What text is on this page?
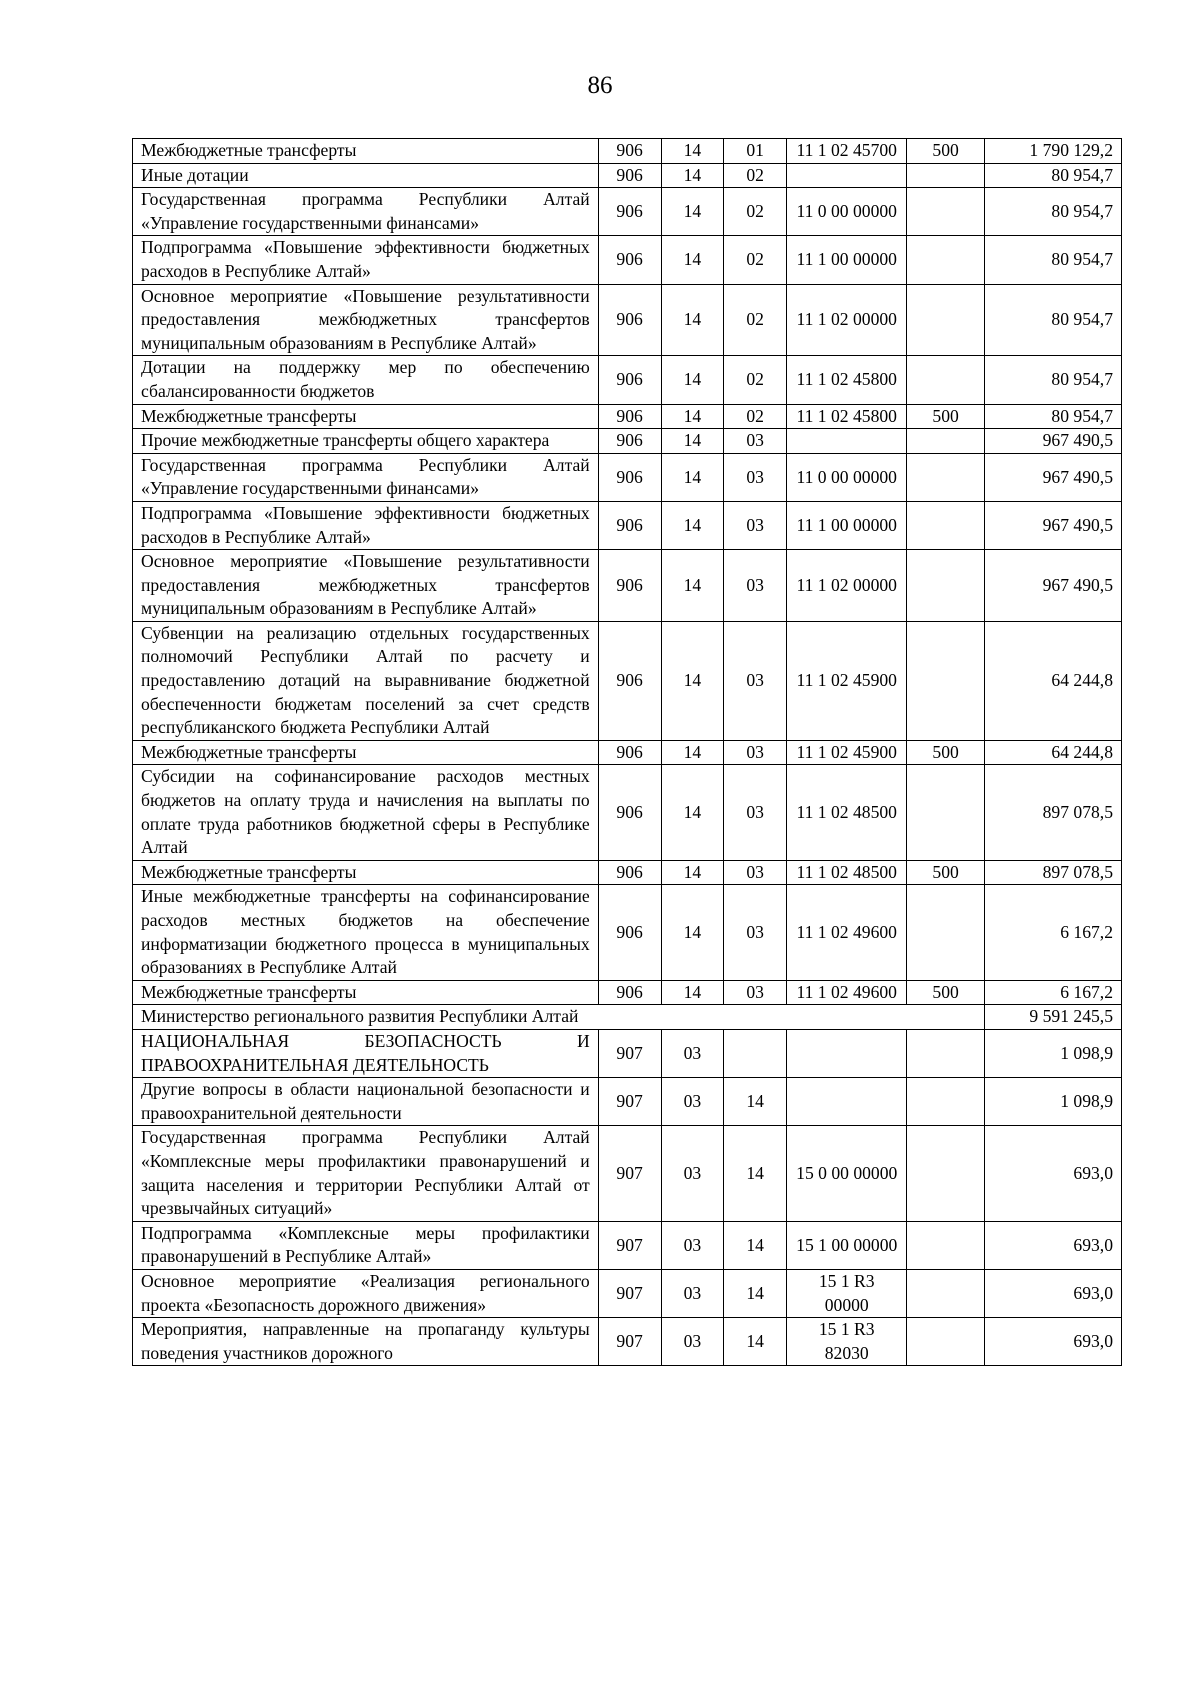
86
Межбюджетные трансферты	906	14	01	11 1 02 45700	500	1 790 129,2
Иные дотации	906	14	02			80 954,7
Государственная программа Республики Алтай «Управление государственными финансами»	906	14	02	11 0 00 00000		80 954,7
Подпрограмма «Повышение эффективности бюджетных расходов в Республике Алтай»	906	14	02	11 1 00 00000		80 954,7
Основное мероприятие «Повышение результативности предоставления межбюджетных трансфертов муниципальным образованиям в Республике Алтай»	906	14	02	11 1 02 00000		80 954,7
Дотации на поддержку мер по обеспечению сбалансированности бюджетов	906	14	02	11 1 02 45800		80 954,7
Межбюджетные трансферты	906	14	02	11 1 02 45800	500	80 954,7
Прочие межбюджетные трансферты общего характера	906	14	03			967 490,5
Государственная программа Республики Алтай «Управление государственными финансами»	906	14	03	11 0 00 00000		967 490,5
Подпрограмма «Повышение эффективности бюджетных расходов в Республике Алтай»	906	14	03	11 1 00 00000		967 490,5
Основное мероприятие «Повышение результативности предоставления межбюджетных трансфертов муниципальным образованиям в Республике Алтай»	906	14	03	11 1 02 00000		967 490,5
Субвенции на реализацию отдельных государственных полномочий Республики Алтай по расчету и предоставлению дотаций на выравнивание бюджетной обеспеченности бюджетам поселений за счет средств республиканского бюджета Республики Алтай	906	14	03	11 1 02 45900		64 244,8
Межбюджетные трансферты	906	14	03	11 1 02 45900	500	64 244,8
Субсидии на софинансирование расходов местных бюджетов на оплату труда и начисления на выплаты по оплате труда работников бюджетной сферы в Республике Алтай	906	14	03	11 1 02 48500		897 078,5
Межбюджетные трансферты	906	14	03	11 1 02 48500	500	897 078,5
Иные межбюджетные трансферты на софинансирование расходов местных бюджетов на обеспечение информатизации бюджетного процесса в муниципальных образованиях в Республике Алтай	906	14	03	11 1 02 49600		6 167,2
Межбюджетные трансферты	906	14	03	11 1 02 49600	500	6 167,2
Министерство регионального развития Республики Алтай						9 591 245,5
НАЦИОНАЛЬНАЯ БЕЗОПАСНОСТЬ И ПРАВООХРАНИТЕЛЬНАЯ ДЕЯТЕЛЬНОСТЬ	907	03				1 098,9
Другие вопросы в области национальной безопасности и правоохранительной деятельности	907	03	14			1 098,9
Государственная программа Республики Алтай «Комплексные меры профилактики правонарушений и защита населения и территории Республики Алтай от чрезвычайных ситуаций»	907	03	14	15 0 00 00000		693,0
Подпрограмма «Комплексные меры профилактики правонарушений в Республике Алтай»	907	03	14	15 1 00 00000		693,0
Основное мероприятие «Реализация регионального проекта «Безопасность дорожного движения»	907	03	14	15 1 R3 00000		693,0
Мероприятия, направленные на пропаганду культуры поведения участников дорожного	907	03	14	15 1 R3 82030		693,0
